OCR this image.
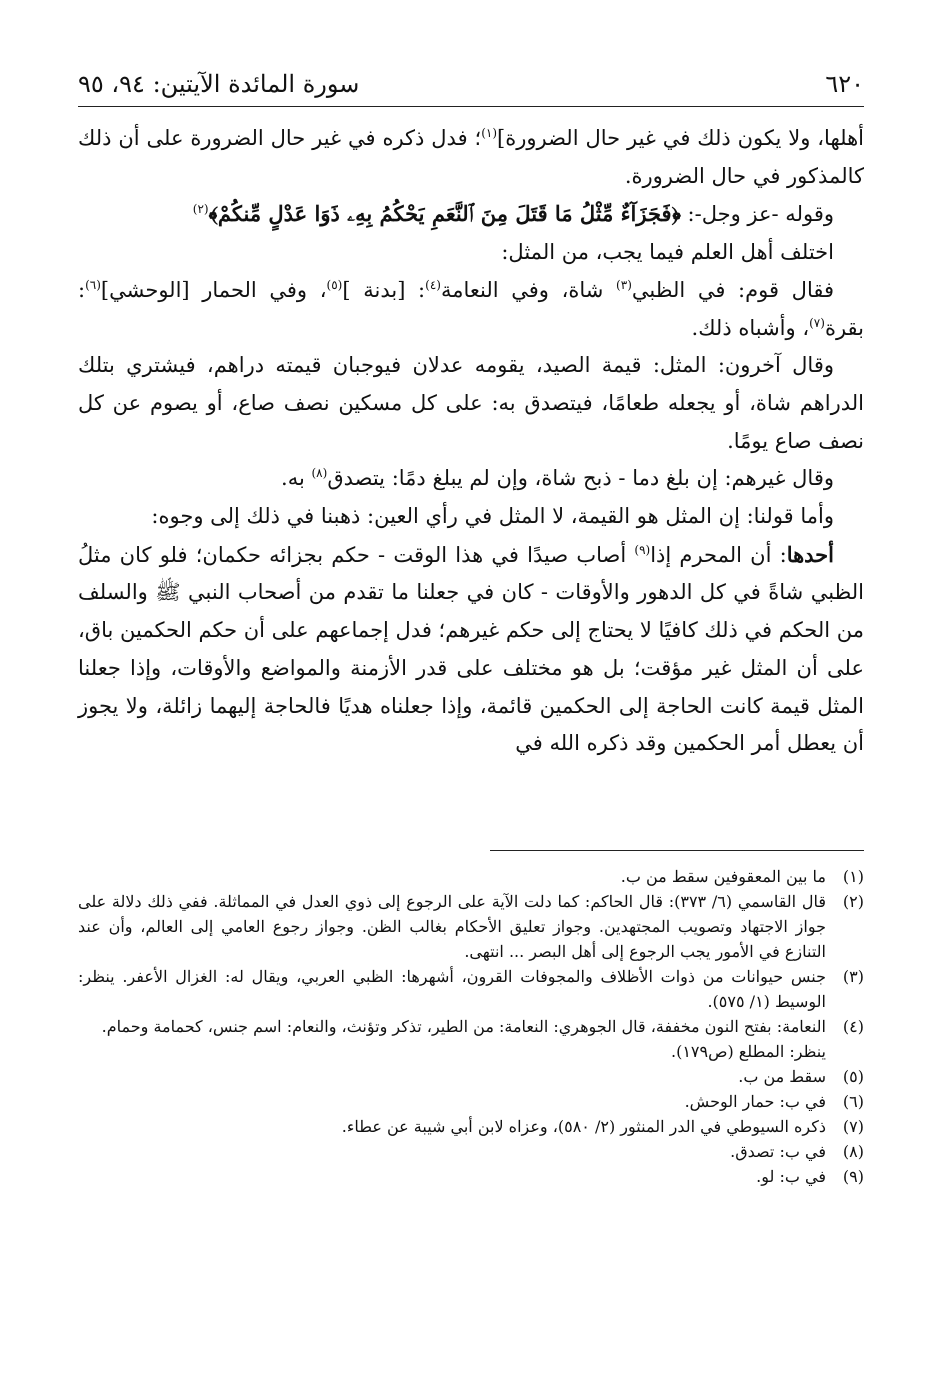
٦٢٠
سورة المائدة الآيتين: ٩٤، ٩٥

أهلها، ولا يكون ذلك في غير حال الضرورة]$^{(١)}$؛ فدل ذكره في غير حال الضرورة على أن ذلك كالمذكور في حال الضرورة.

وقوله -عز وجل-: ﴿فَجَزَآءٌ مِّثْلُ مَا قَتَلَ مِنَ ٱلنَّعَمِ يَحْكُمُ بِهِۦ ذَوَا عَدْلٍ مِّنكُمْ﴾$^{(٢)}$

اختلف أهل العلم فيما يجب، من المثل:

فقال قوم: في الظبي$^{(٣)}$ شاة، وفي النعامة$^{(٤)}$: [بدنة ]$^{(٥)}$، وفي الحمار [الوحشي]$^{(٦)}$: بقرة$^{(٧)}$، وأشباه ذلك.

وقال آخرون: المثل: قيمة الصيد، يقومه عدلان فيوجبان قيمته دراهم، فيشتري بتلك الدراهم شاة، أو يجعله طعامًا، فيتصدق به: على كل مسكين نصف صاع، أو يصوم عن كل نصف صاع يومًا.

وقال غيرهم: إن بلغ دما - ذبح شاة، وإن لم يبلغ دمًا: يتصدق$^{(٨)}$ به.

وأما قولنا: إن المثل هو القيمة، لا المثل في رأي العين: ذهبنا في ذلك إلى وجوه:

أحدها: أن المحرم إذا$^{(٩)}$ أصاب صيدًا في هذا الوقت - حكم بجزائه حكمان؛ فلو كان مثلُ الظبي شاةً في كل الدهور والأوقات - كان في جعلنا ما تقدم من أصحاب النبي ﷺ والسلف من الحكم في ذلك كافيًا لا يحتاج إلى حكم غيرهم؛ فدل إجماعهم على أن حكم الحكمين باق، على أن المثل غير مؤقت؛ بل هو مختلف على قدر الأزمنة والمواضع والأوقات، وإذا جعلنا المثل قيمة كانت الحاجة إلى الحكمين قائمة، وإذا جعلناه هديًا فالحاجة إليهما زائلة، ولا يجوز أن يعطل أمر الحكمين وقد ذكره الله في

(١)
ما بين المعقوفين سقط من ب.
(٢)
قال القاسمي (٦/ ٣٧٣): قال الحاكم: كما دلت الآية على الرجوع إلى ذوي العدل في المماثلة. ففي ذلك دلالة على جواز الاجتهاد وتصويب المجتهدين. وجواز تعليق الأحكام بغالب الظن. وجواز رجوع العامي إلى العالم، وأن عند التنازع في الأمور يجب الرجوع إلى أهل البصر ... انتهى.
(٣)
جنس حيوانات من ذوات الأظلاف والمجوفات القرون، أشهرها: الظبي العربي، ويقال له: الغزال الأعفر. ينظر: الوسيط (١/ ٥٧٥).
(٤)
النعامة: بفتح النون مخففة، قال الجوهري: النعامة: من الطير، تذكر وتؤنث، والنعام: اسم جنس، كحمامة وحمام.
ينظر: المطلع (ص١٧٩).
(٥)
سقط من ب.
(٦)
في ب: حمار الوحش.
(٧)
ذكره السيوطي في الدر المنثور (٢/ ٥٨٠)، وعزاه لابن أبي شيبة عن عطاء.
(٨)
في ب: تصدق.
(٩)
في ب: لو.
